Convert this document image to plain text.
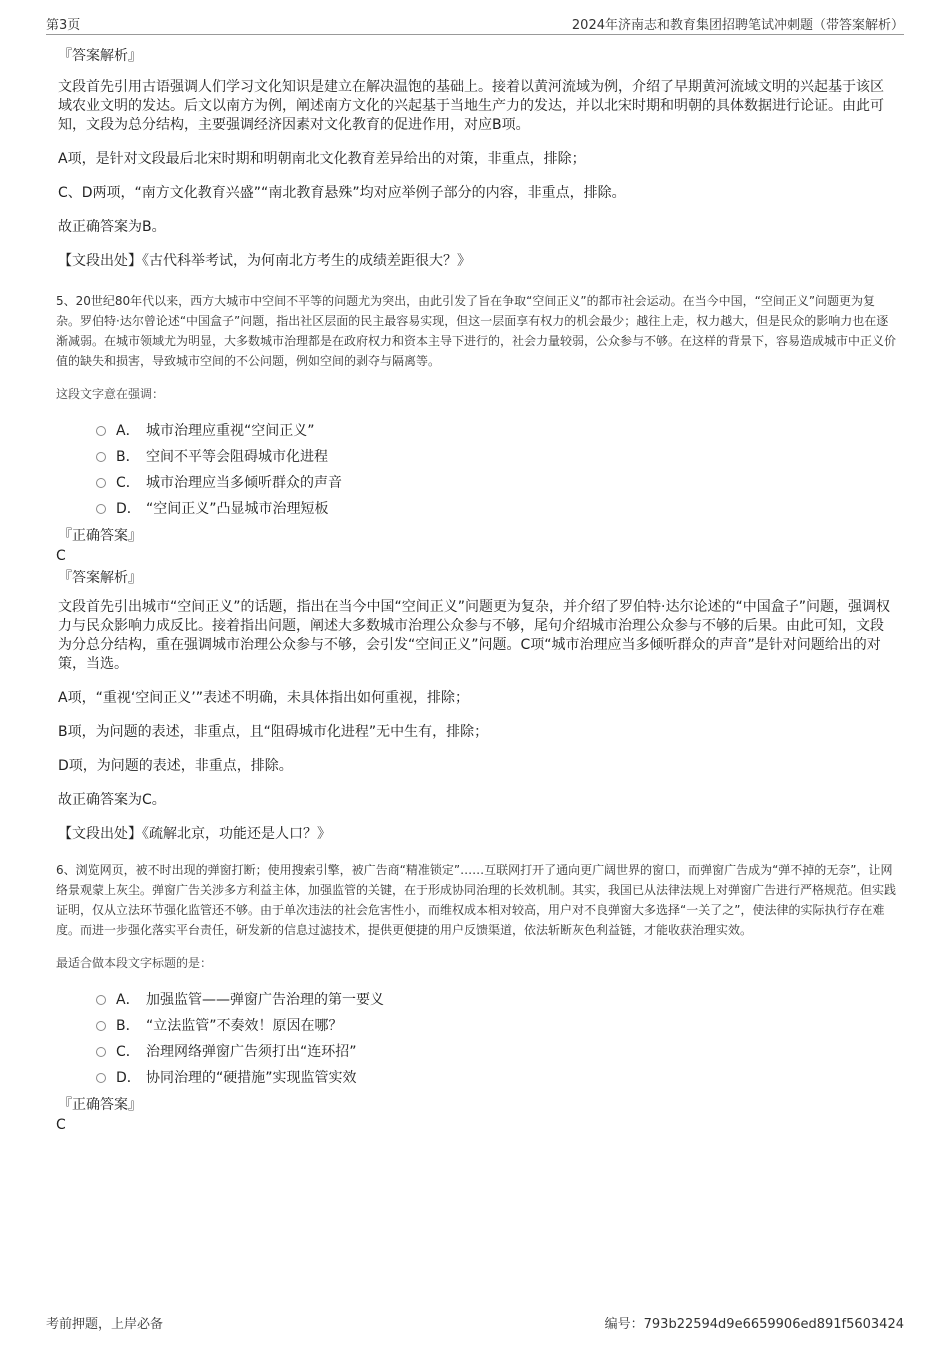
第3页	2024年济南志和教育集团招聘笔试冲刺题（带答案解析）
『答案解析』
文段首先引用古语强调人们学习文化知识是建立在解决温饱的基础上。接着以黄河流域为例，介绍了早期黄河流域文明的兴起基于该区域农业文明的发达。后文以南方为例，阐述南方文化的兴起基于当地生产力的发达，并以北宋时期和明朝的具体数据进行论证。由此可知，文段为总分结构，主要强调经济因素对文化教育的促进作用，对应B项。
A项，是针对文段最后北宋时期和明朝南北文化教育差异给出的对策，非重点，排除；
C、D两项，“南方文化教育兴盛”“南北教育悬殊”均对应举例子部分的内容，非重点，排除。
故正确答案为B。
【文段出处】《古代科举考试，为何南北方考生的成绩差距很大？》

5、20世纪80年代以来，西方大城市中空间不平等的问题尤为突出，由此引发了旨在争取“空间正义”的都市社会运动。在当今中国，“空间正义”问题更为复杂。罗伯特·达尔曾论述“中国盒子”问题，指出社区层面的民主最容易实现，但这一层面享有权力的机会最少；越往上走，权力越大，但是民众的影响力也在逐渐减弱。在城市领域尤为明显，大多数城市治理都是在政府权力和资本主导下进行的，社会力量较弱，公众参与不够。在这样的背景下，容易造成城市中正义价值的缺失和损害，导致城市空间的不公问题，例如空间的剥夺与隔离等。

这段文字意在强调：
A． 城市治理应重视“空间正义”
B． 空间不平等会阻碍城市化进程
C． 城市治理应当多倾听群众的声音
D． “空间正义”凸显城市治理短板
『正确答案』
C
『答案解析』
文段首先引出城市“空间正义”的话题，指出在当今中国“空间正义”问题更为复杂，并介绍了罗伯特·达尔论述的“中国盒子”问题，强调权力与民众影响力成反比。接着指出问题，阐述大多数城市治理公众参与不够，尾句介绍城市治理公众参与不够的后果。由此可知，文段为分总分结构，重在强调城市治理公众参与不够，会引发“空间正义”问题。C项“城市治理应当多倾听群众的声音”是针对问题给出的对策，当选。
A项，“重视‘空间正义’”表述不明确，未具体指出如何重视，排除；
B项，为问题的表述，非重点，且“阻碍城市化进程”无中生有，排除；
D项，为问题的表述，非重点，排除。
故正确答案为C。
【文段出处】《疏解北京，功能还是人口？》

6、浏览网页，被不时出现的弹窗打断；使用搜索引擎，被广告商“精准锁定”……互联网打开了通向更广阔世界的窗口，而弹窗广告成为“弹不掉的无奈”，让网络景观蒙上灰尘。弹窗广告关涉多方利益主体，加强监管的关键，在于形成协同治理的长效机制。其实，我国已从法律法规上对弹窗广告进行严格规范。但实践证明，仅从立法环节强化监管还不够。由于单次违法的社会危害性小，而维权成本相对较高，用户对不良弹窗大多选择“一关了之”，使法律的实际执行存在难度。而进一步强化落实平台责任，研发新的信息过滤技术，提供更便捷的用户反馈渠道，依法斩断灰色利益链，才能收获治理实效。

最适合做本段文字标题的是：
A． 加强监管——弹窗广告治理的第一要义
B． “立法监管”不奏效！原因在哪？
C． 治理网络弹窗广告须打出“连环招”
D． 协同治理的“硬措施”实现监管实效
『正确答案』
C
考前押题，上岸必备	编号：793b22594d9e6659906ed891f5603424
